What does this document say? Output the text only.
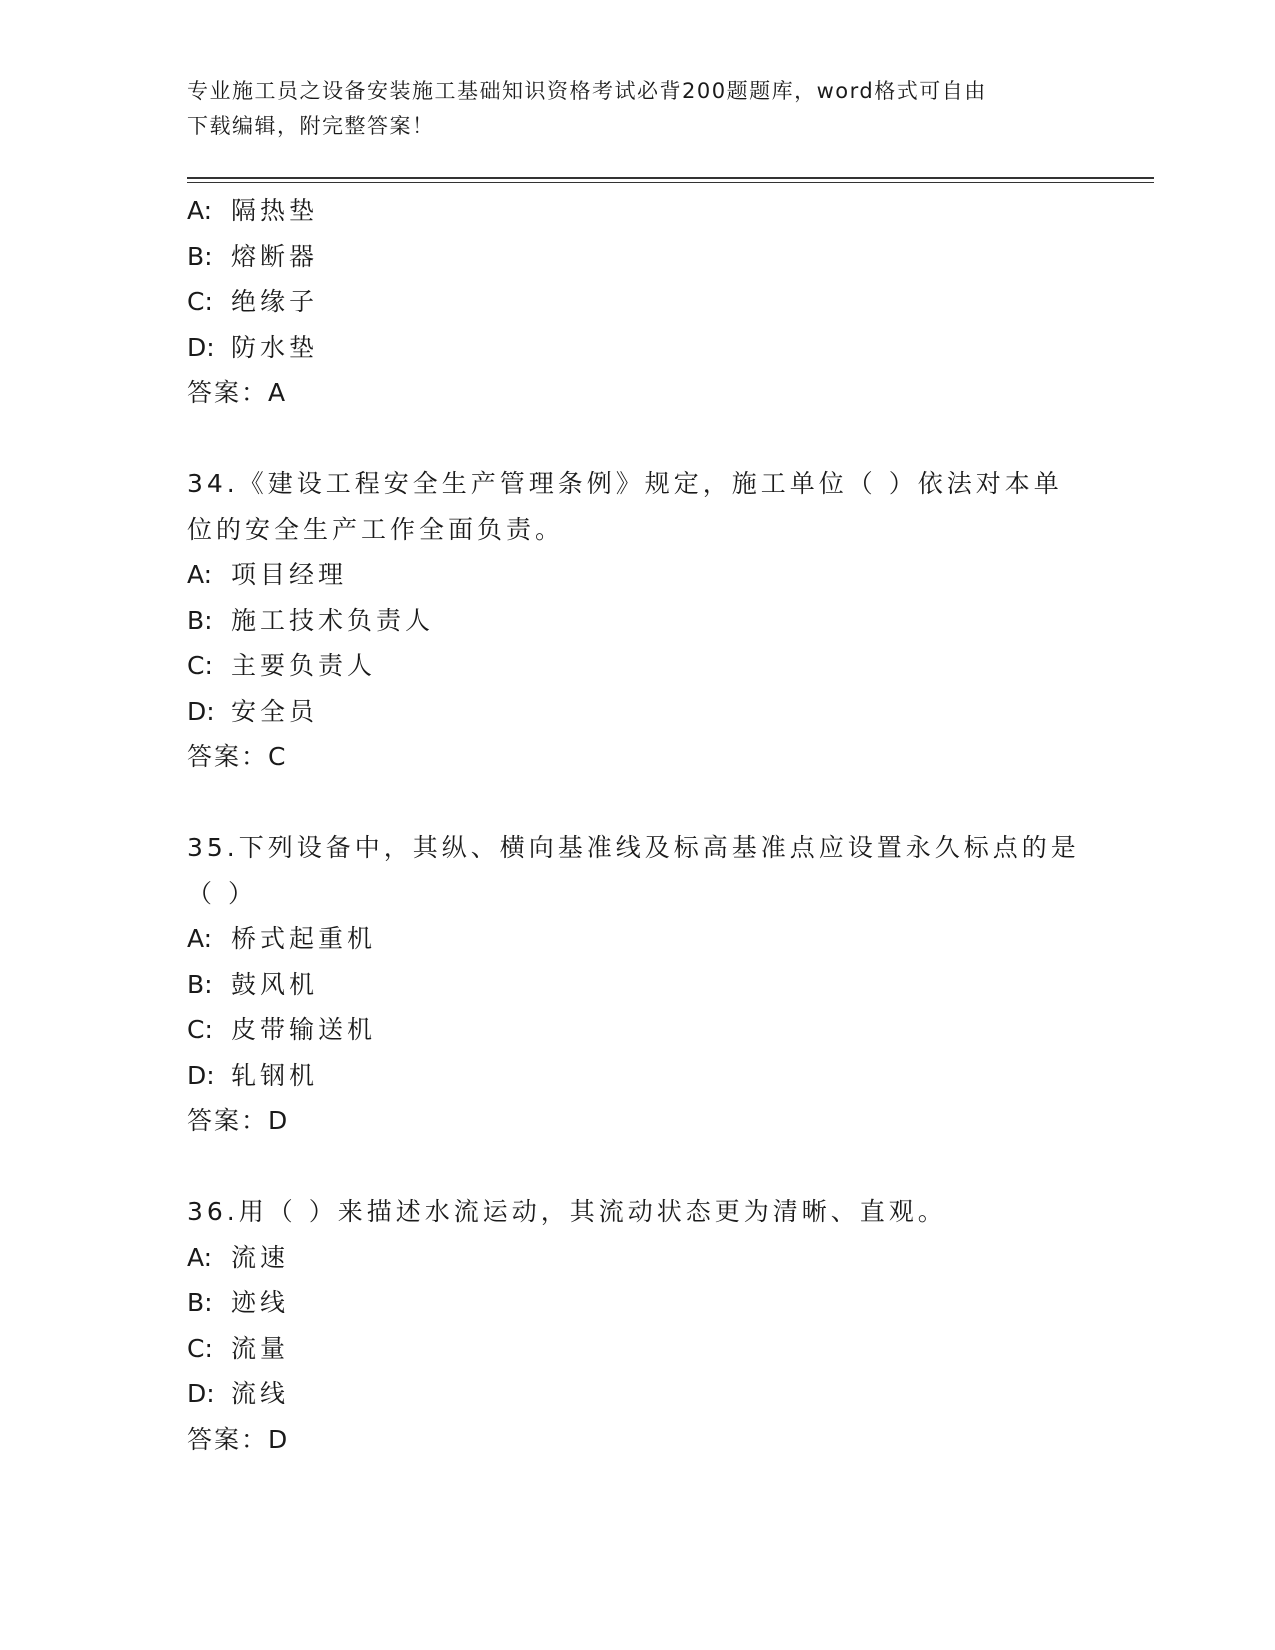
专业施工员之设备安装施工基础知识资格考试必背200题题库，word格式可自由
下载编辑，附完整答案！
A: 隔热垫
B: 熔断器
C: 绝缘子
D: 防水垫
答案：A
34.《建设工程安全生产管理条例》规定，施工单位（ ）依法对本单
位的安全生产工作全面负责。
A: 项目经理
B: 施工技术负责人
C: 主要负责人
D: 安全员
答案：C
35.下列设备中，其纵、横向基准线及标高基准点应设置永久标点的是
（ ）
A: 桥式起重机
B: 鼓风机
C: 皮带输送机
D: 轧钢机
答案：D
36.用（ ）来描述水流运动，其流动状态更为清晰、直观。
A: 流速
B: 迹线
C: 流量
D: 流线
答案：D
